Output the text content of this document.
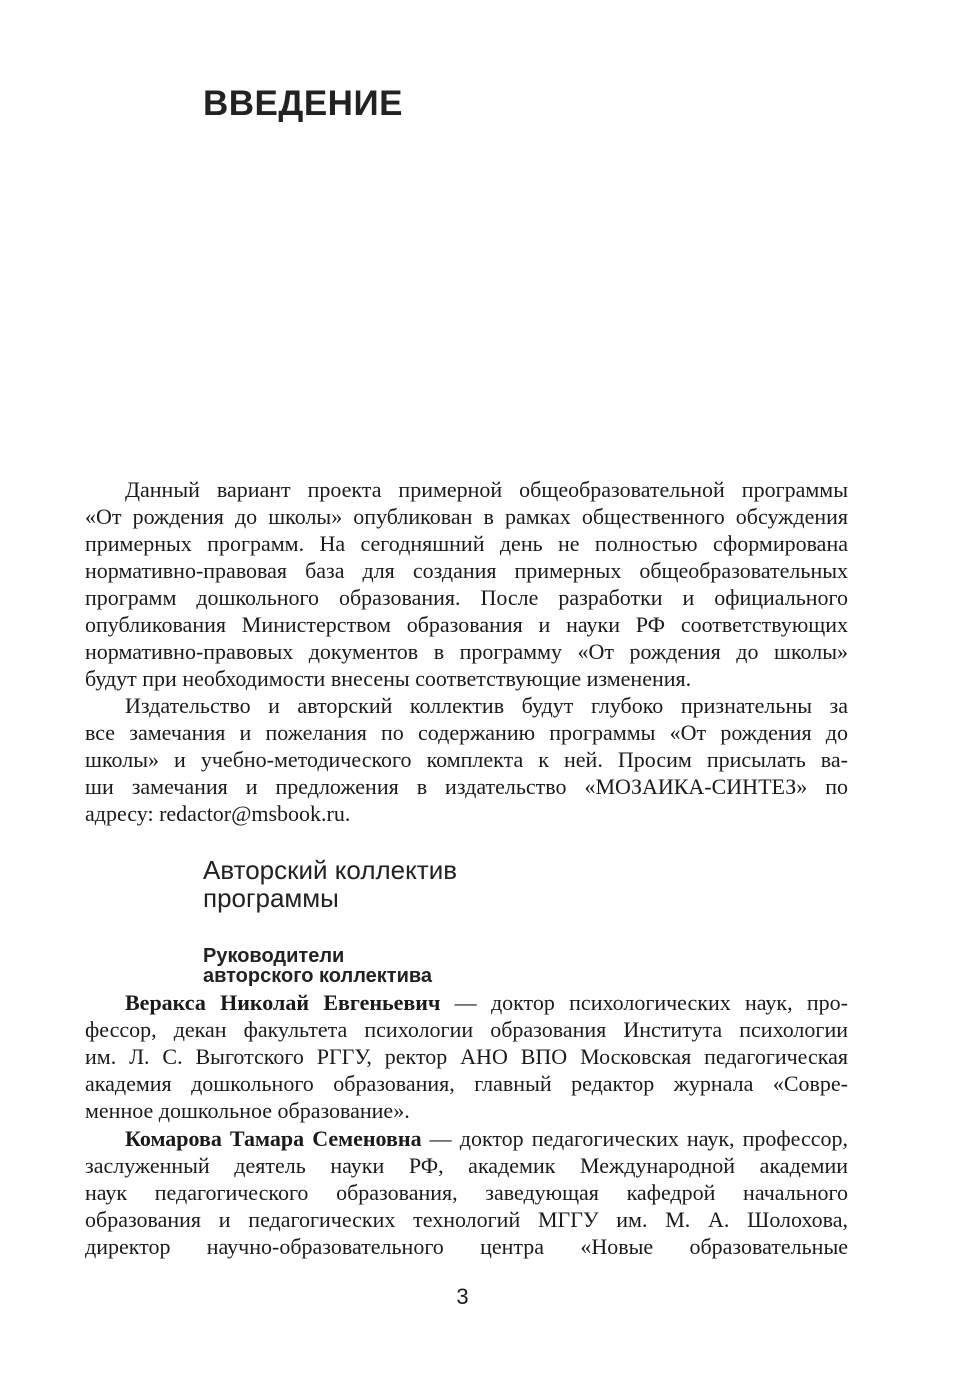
ВВЕДЕНИЕ
Данный вариант проекта примерной общеобразовательной программы
«От рождения до школы» опубликован в рамках общественного обсуждения
примерных программ. На сегодняшний день не полностью сформирована
нормативно-правовая база для создания примерных общеобразовательных
программ дошкольного образования. После разработки и официального
опубликования Министерством образования и науки РФ соответствующих
нормативно-правовых документов в программу «От рождения до школы»
будут при необходимости внесены соответствующие изменения.
Издательство и авторский коллектив будут глубоко признательны за
все замечания и пожелания по содержанию программы «От рождения до
школы» и учебно-методического комплекта к ней. Просим присылать ва-
ши замечания и предложения в издательство «МОЗАИКА-СИНТЕЗ» по
адресу: redactor@msbook.ru.
Авторский коллектив
программы
Руководители
авторского коллектива
Веракса Николай Евгеньевич — доктор психологических наук, про-
фессор, декан факультета психологии образования Института психологии
им. Л. С. Выготского РГГУ, ректор АНО ВПО Московская педагогическая
академия дошкольного образования, главный редактор журнала «Совре-
менное дошкольное образование».
Комарова Тамара Семеновна — доктор педагогических наук, профессор,
заслуженный деятель науки РФ, академик Международной академии
наук педагогического образования, заведующая кафедрой начального
образования и педагогических технологий МГГУ им. М. А. Шолохова,
директор научно-образовательного центра «Новые образовательные
3
